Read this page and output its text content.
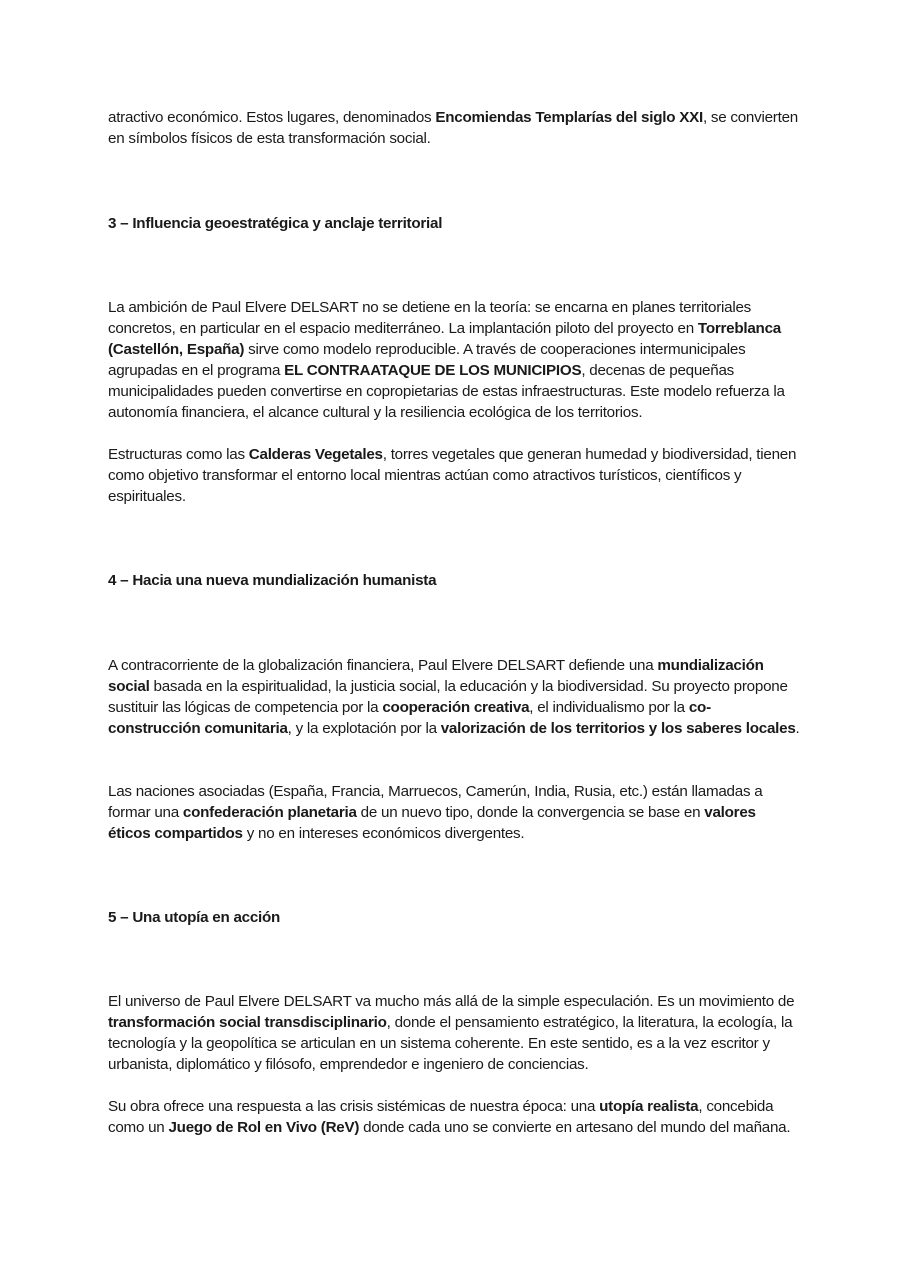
atractivo económico. Estos lugares, denominados Encomiendas Templarías del siglo XXI, se convierten en símbolos físicos de esta transformación social.

3 – Influencia geoestratégica y anclaje territorial

La ambición de Paul Elvere DELSART no se detiene en la teoría: se encarna en planes territoriales concretos, en particular en el espacio mediterráneo. La implantación piloto del proyecto en Torreblanca (Castellón, España) sirve como modelo reproducible. A través de cooperaciones intermunicipales agrupadas en el programa EL CONTRAATAQUE DE LOS MUNICIPIOS, decenas de pequeñas municipalidades pueden convertirse en copropietarias de estas infraestructuras. Este modelo refuerza la autonomía financiera, el alcance cultural y la resiliencia ecológica de los territorios.

Estructuras como las Calderas Vegetales, torres vegetales que generan humedad y biodiversidad, tienen como objetivo transformar el entorno local mientras actúan como atractivos turísticos, científicos y espirituales.

4 – Hacia una nueva mundialización humanista

A contracorriente de la globalización financiera, Paul Elvere DELSART defiende una mundialización social basada en la espiritualidad, la justicia social, la educación y la biodiversidad. Su proyecto propone sustituir las lógicas de competencia por la cooperación creativa, el individualismo por la co-construcción comunitaria, y la explotación por la valorización de los territorios y los saberes locales.

Las naciones asociadas (España, Francia, Marruecos, Camerún, India, Rusia, etc.) están llamadas a formar una confederación planetaria de un nuevo tipo, donde la convergencia se base en valores éticos compartidos y no en intereses económicos divergentes.

5 – Una utopía en acción

El universo de Paul Elvere DELSART va mucho más allá de la simple especulación. Es un movimiento de transformación social transdisciplinario, donde el pensamiento estratégico, la literatura, la ecología, la tecnología y la geopolítica se articulan en un sistema coherente. En este sentido, es a la vez escritor y urbanista, diplomático y filósofo, emprendedor e ingeniero de conciencias.

Su obra ofrece una respuesta a las crisis sistémicas de nuestra época: una utopía realista, concebida como un Juego de Rol en Vivo (ReV) donde cada uno se convierte en artesano del mundo del mañana.
